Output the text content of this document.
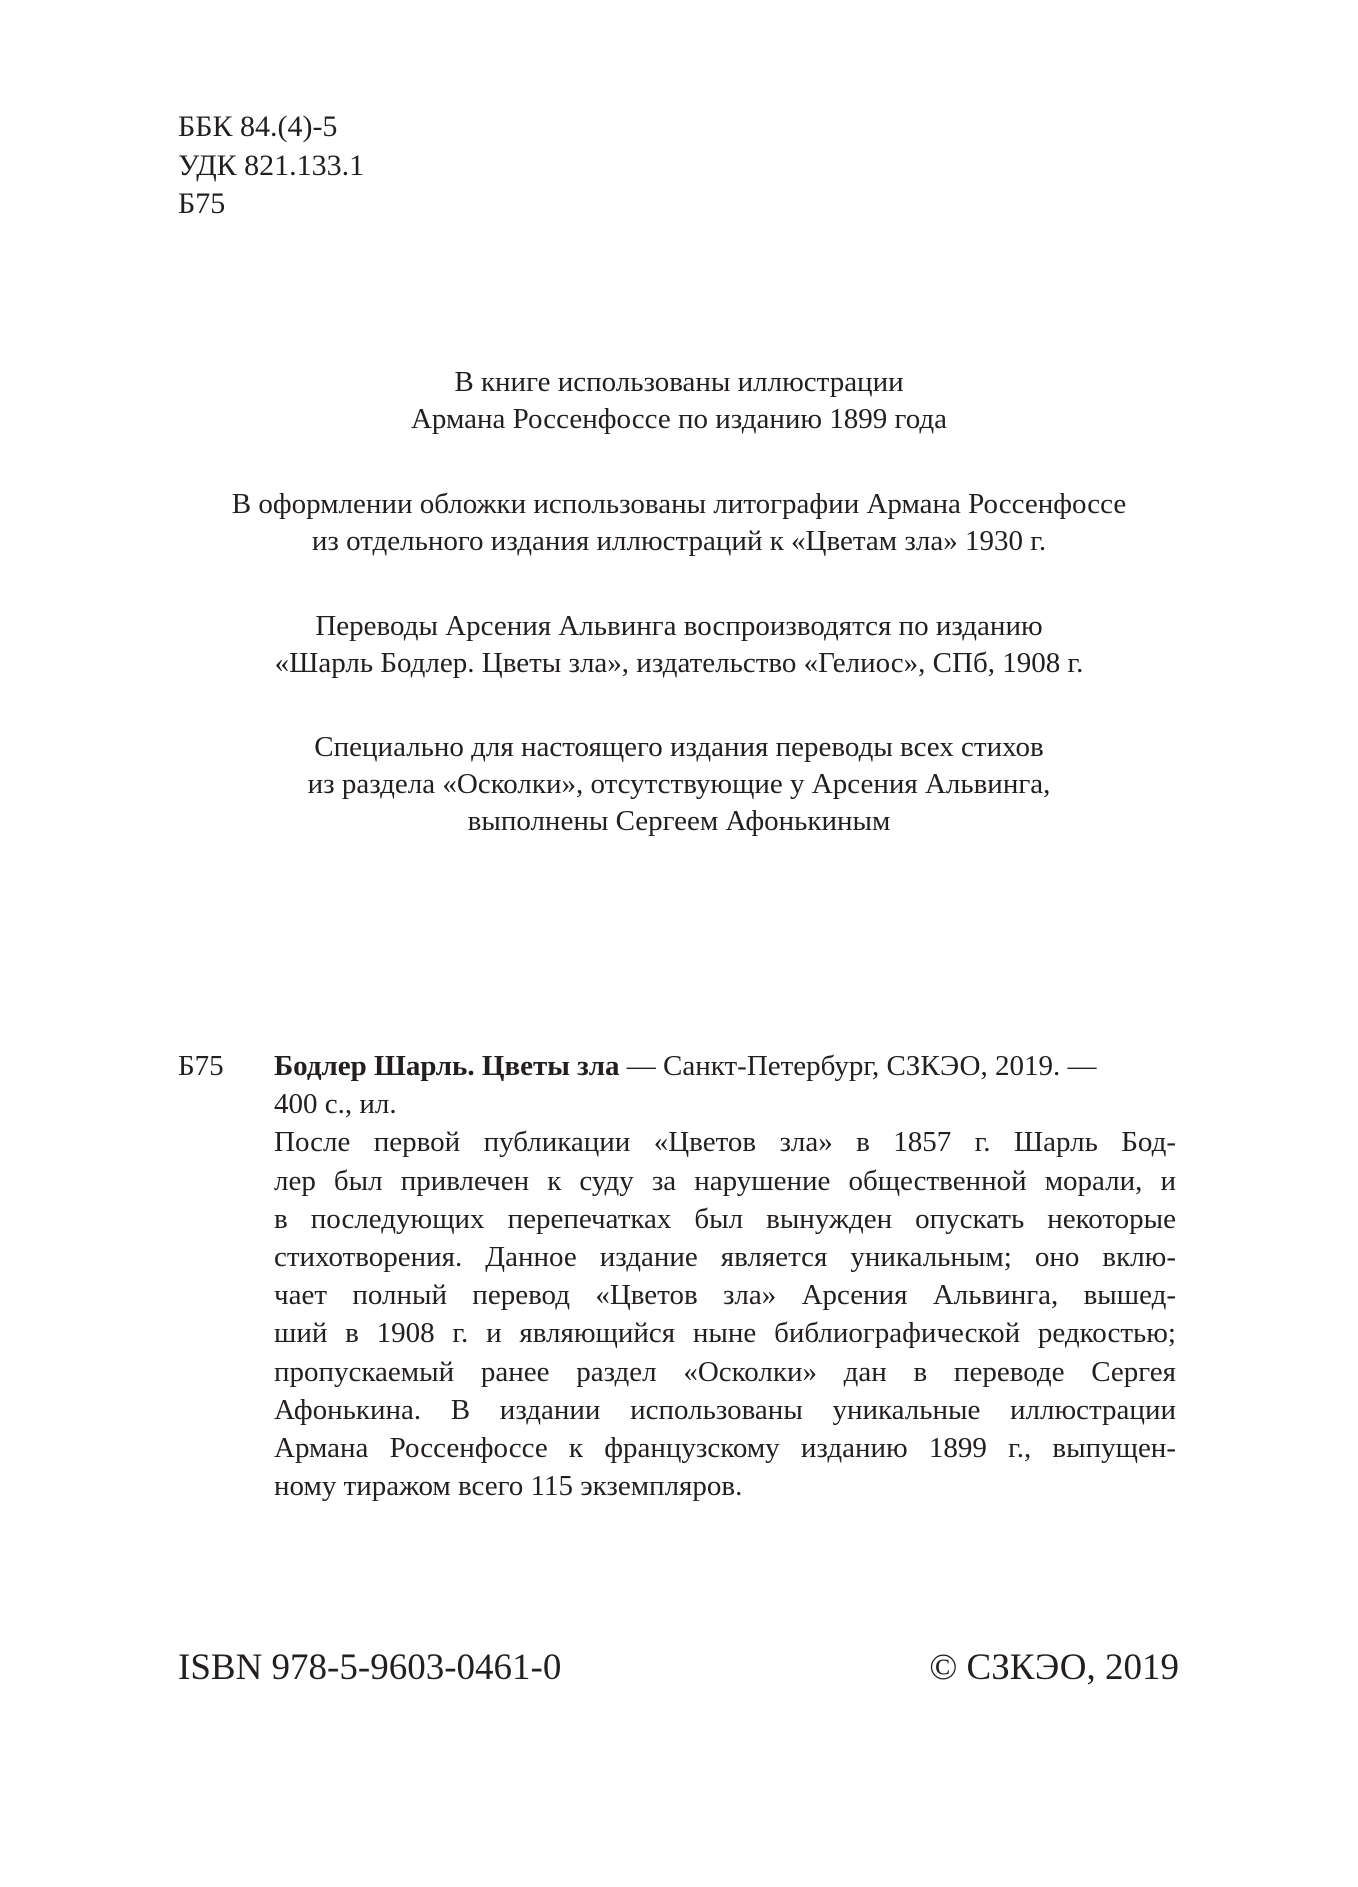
ББК 84.(4)-5
УДК 821.133.1
Б75
В книге использованы иллюстрации
Армана Россенфоссе по изданию 1899 года
В оформлении обложки использованы литографии Армана Россенфоссе
из отдельного издания иллюстраций к «Цветам зла» 1930 г.
Переводы Арсения Альвинга воспроизводятся по изданию
«Шарль Бодлер. Цветы зла», издательство «Гелиос», СПб, 1908 г.
Специально для настоящего издания переводы всех стихов
из раздела «Осколки», отсутствующие у Арсения Альвинга,
выполнены Сергеем Афонькиным
Б75 Бодлер Шарль. Цветы зла — Санкт-Петербург, СЗКЭО, 2019. —
400 с., ил.
После первой публикации «Цветов зла» в 1857 г. Шарль Бод-
лер был привлечен к суду за нарушение общественной морали, и
в последующих перепечатках был вынужден опускать некоторые
стихотворения. Данное издание является уникальным; оно вклю-
чает полный перевод «Цветов зла» Арсения Альвинга, вышед-
ший в 1908 г. и являющийся ныне библиографической редкостью;
пропускаемый ранее раздел «Осколки» дан в переводе Сергея
Афонькина. В издании использованы уникальные иллюстрации
Армана Россенфоссе к французскому изданию 1899 г., выпущен-
ному тиражом всего 115 экземпляров.
ISBN 978-5-9603-0461-0	© СЗКЭО, 2019
